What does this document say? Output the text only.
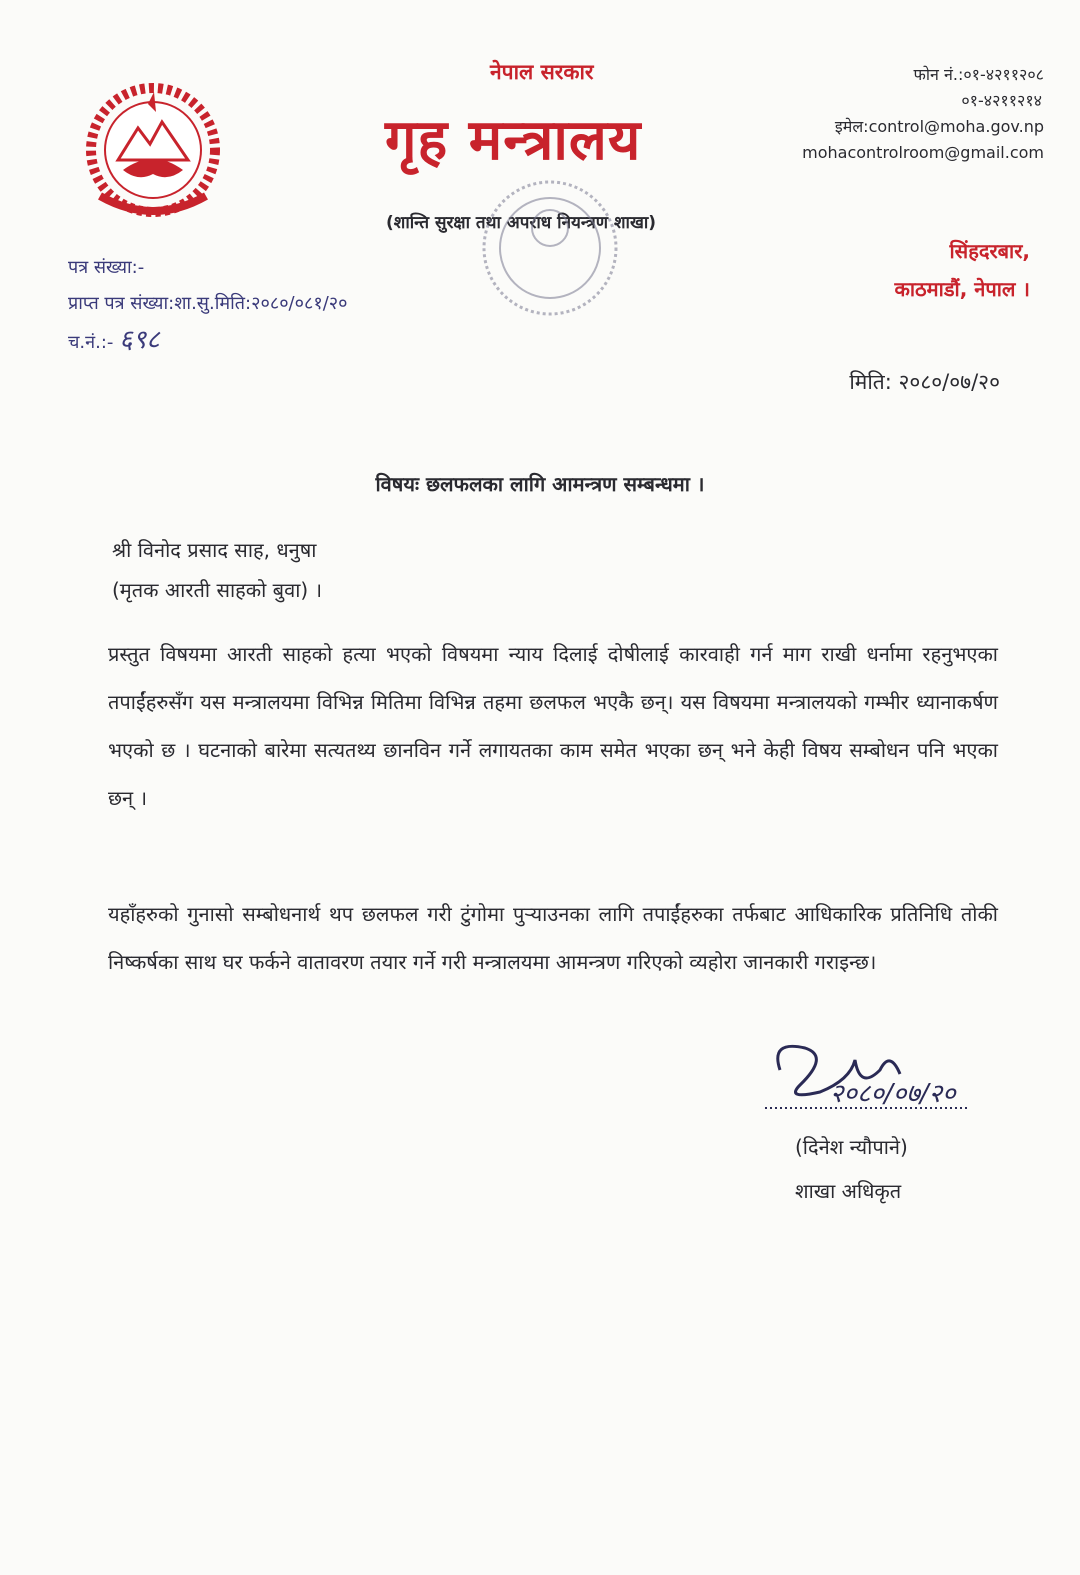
नेपाल सरकार
गृह मन्त्रालय
(शान्ति सुरक्षा तथा अपराध नियन्त्रण शाखा)
फोन नं.:०१-४२११२०८
०१-४२११२१४
इमेल:control@moha.gov.np
mohacontrolroom@gmail.com
सिंहदरबार,
काठमाडौं, नेपाल ।
पत्र संख्या:-
प्राप्त पत्र संख्या:शा.सु.मिति:२०८०/०८१/२०
च.नं.:- ६९८
मिति: २०८०/०७/२०
विषयः छलफलका लागि आमन्त्रण सम्बन्धमा ।
श्री विनोद प्रसाद साह, धनुषा
(मृतक आरती साहको बुवा) ।
प्रस्तुत विषयमा आरती साहको हत्या भएको विषयमा न्याय दिलाई दोषीलाई कारवाही गर्न माग राखी धर्नामा रहनुभएका तपाईंहरुसँग यस मन्त्रालयमा विभिन्न मितिमा विभिन्न तहमा छलफल भएकै छन्। यस विषयमा मन्त्रालयको गम्भीर ध्यानाकर्षण भएको छ । घटनाको बारेमा सत्यतथ्य छानविन गर्ने लगायतका काम समेत भएका छन् भने केही विषय सम्बोधन पनि भएका छन् ।
यहाँहरुको गुनासो सम्बोधनार्थ थप छलफल गरी टुंगोमा पुऱ्याउनका लागि तपाईंहरुका तर्फबाट आधिकारिक प्रतिनिधि तोकी निष्कर्षका साथ घर फर्कने वातावरण तयार गर्ने गरी मन्त्रालयमा आमन्त्रण गरिएको व्यहोरा जानकारी गराइन्छ।
२०८०/०७/२०
(दिनेश न्यौपाने)
शाखा अधिकृत
